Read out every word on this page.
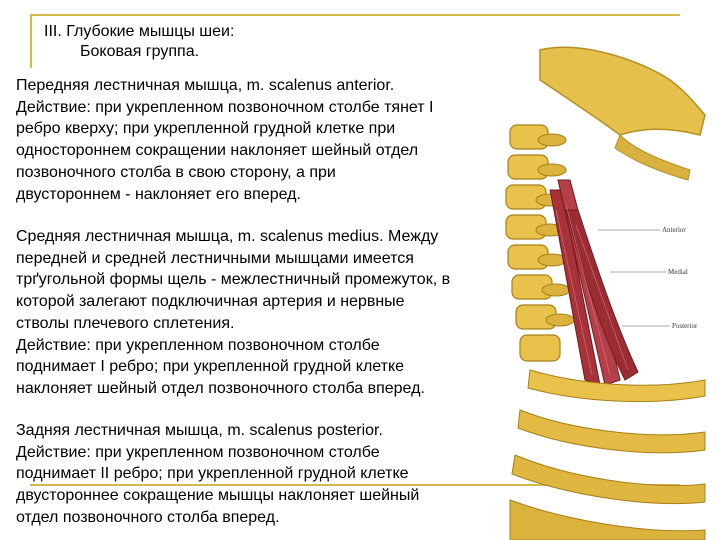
III. Глубокие мышцы шеи:
Боковая группа.
Anterior
Medial
Posterior

Передняя лестничная мышца, m. scalenus anterior.
Действие: при укрепленном позвоночном столбе тянет I
ребро кверху; при укрепленной грудной клетке при
одностороннем сокращении наклоняет шейный отдел
позвоночного столба в свою сторону, а при
двустороннем - наклоняет его вперед.

Средняя лестничная мышца, m. scalenus medius. Между
передней и средней лестничными мышцами имеется
трґугольной формы щель - межлестничный промежуток, в
которой залегают подключичная артерия и нервные
стволы плечевого сплетения.
Действие: при укрепленном позвоночном столбе
поднимает I ребро; при укрепленной грудной клетке
наклоняет шейный отдел позвоночного столба вперед.

Задняя лестничная мышца, m. scalenus posterior.
Действие: при укрепленном позвоночном столбе
поднимает II ребро; при укрепленной грудной клетке
двустороннее сокращение мышцы наклоняет шейный
отдел позвоночного столба вперед.
